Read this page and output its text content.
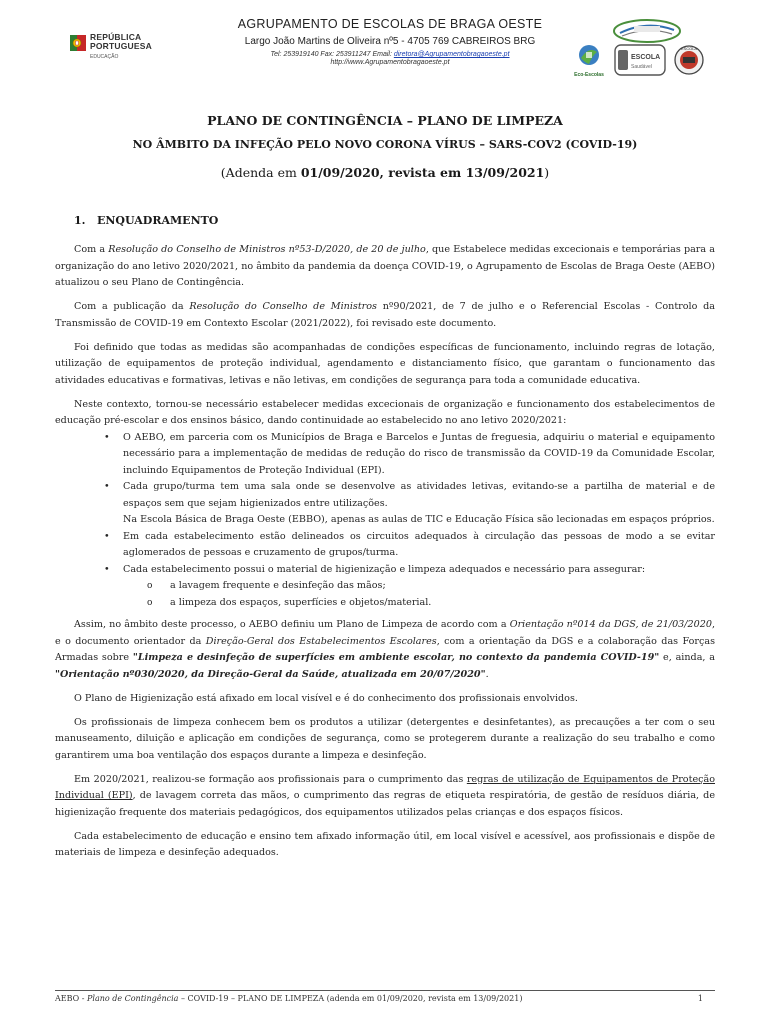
REPÚBLICA
PORTUGUESA
EDUCAÇÃO
AGRUPAMENTO DE ESCOLAS DE BRAGA OESTE
Largo João Martins de Oliveira nº5 - 4705 769 CABREIROS BRG
Tel: 253919140 Fax: 253911247 Email: diretora@Agrupamentobragaoeste.pt
http://www.Agrupamentobragaoeste.pt
Eco-Escolas
ESCOLA
Saudável
ESCOLA
PLANO DE CONTINGÊNCIA – PLANO DE LIMPEZA
NO ÂMBITO DA INFEÇÃO PELO NOVO CORONA VÍRUS – SARS-COV2 (COVID-19)
(Adenda em 01/09/2020, revista em 13/09/2021)
1. ENQUADRAMENTO

Com a Resolução do Conselho de Ministros nº53-D/2020, de 20 de julho, que Estabelece medidas excecionais e temporárias para a organização do ano letivo 2020/2021, no âmbito da pandemia da doença COVID-19, o Agrupamento de Escolas de Braga Oeste (AEBO) atualizou o seu Plano de Contingência.

Com a publicação da Resolução do Conselho de Ministros nº90/2021, de 7 de julho e o Referencial Escolas - Controlo da Transmissão de COVID-19 em Contexto Escolar (2021/2022), foi revisado este documento.

Foi definido que todas as medidas são acompanhadas de condições específicas de funcionamento, incluindo regras de lotação, utilização de equipamentos de proteção individual, agendamento e distanciamento físico, que garantam o funcionamento das atividades educativas e formativas, letivas e não letivas, em condições de segurança para toda a comunidade educativa.

Neste contexto, tornou-se necessário estabelecer medidas excecionais de organização e funcionamento dos estabelecimentos de educação pré-escolar e dos ensinos básico, dando continuidade ao estabelecido no ano letivo 2020/2021:

• O AEBO, em parceria com os Municípios de Braga e Barcelos e Juntas de freguesia, adquiriu o material e equipamento necessário para a implementação de medidas de redução do risco de transmissão da COVID-19 da Comunidade Escolar, incluindo Equipamentos de Proteção Individual (EPI).
• Cada grupo/turma tem uma sala onde se desenvolve as atividades letivas, evitando-se a partilha de material e de espaços sem que sejam higienizados entre utilizações.
Na Escola Básica de Braga Oeste (EBBO), apenas as aulas de TIC e Educação Física são lecionadas em espaços próprios.
• Em cada estabelecimento estão delineados os circuitos adequados à circulação das pessoas de modo a se evitar aglomerados de pessoas e cruzamento de grupos/turma.
• Cada estabelecimento possui o material de higienização e limpeza adequados e necessário para assegurar:
o a lavagem frequente e desinfeção das mãos;
o a limpeza dos espaços, superfícies e objetos/material.

Assim, no âmbito deste processo, o AEBO definiu um Plano de Limpeza de acordo com a Orientação nº014 da DGS, de 21/03/2020, e o documento orientador da Direção-Geral dos Estabelecimentos Escolares, com a orientação da DGS e a colaboração das Forças Armadas sobre "Limpeza e desinfeção de superfícies em ambiente escolar, no contexto da pandemia COVID-19" e, ainda, a "Orientação nº030/2020, da Direção-Geral da Saúde, atualizada em 20/07/2020".

O Plano de Higienização está afixado em local visível e é do conhecimento dos profissionais envolvidos.

Os profissionais de limpeza conhecem bem os produtos a utilizar (detergentes e desinfetantes), as precauções a ter com o seu manuseamento, diluição e aplicação em condições de segurança, como se protegerem durante a realização do seu trabalho e como garantirem uma boa ventilação dos espaços durante a limpeza e desinfeção.

Em 2020/2021, realizou-se formação aos profissionais para o cumprimento das regras de utilização de Equipamentos de Proteção Individual (EPI), de lavagem correta das mãos, o cumprimento das regras de etiqueta respiratória, de gestão de resíduos diária, de higienização frequente dos materiais pedagógicos, dos equipamentos utilizados pelas crianças e dos espaços físicos.

Cada estabelecimento de educação e ensino tem afixado informação útil, em local visível e acessível, aos profissionais e dispõe de materiais de limpeza e desinfeção adequados.

AEBO - Plano de Contingência – COVID-19 – PLANO DE LIMPEZA (adenda em 01/09/2020, revista em 13/09/2021)	1
